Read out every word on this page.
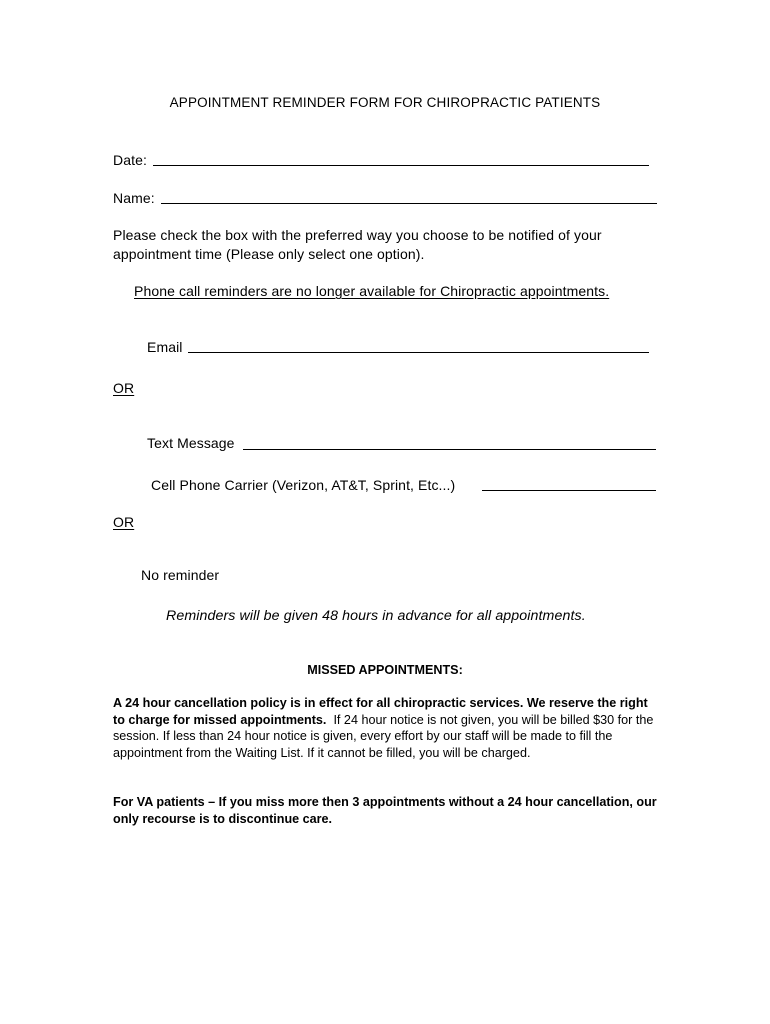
APPOINTMENT REMINDER FORM FOR CHIROPRACTIC PATIENTS
Date:
Name:
Please check the box with the preferred way you choose to be notified of your
appointment time (Please only select one option).
Phone call reminders are no longer available for Chiropractic appointments.
Email
OR
Text Message
Cell Phone Carrier (Verizon, AT&T, Sprint, Etc...)
OR
No reminder
Reminders will be given 48 hours in advance for all appointments.
MISSED APPOINTMENTS:
A 24 hour cancellation policy is in effect for all chiropractic services. We reserve the right to charge for missed appointments. If 24 hour notice is not given, you will be billed $30 for the session. If less than 24 hour notice is given, every effort by our staff will be made to fill the appointment from the Waiting List. If it cannot be filled, you will be charged.
For VA patients – If you miss more then 3 appointments without a 24 hour cancellation, our only recourse is to discontinue care.
